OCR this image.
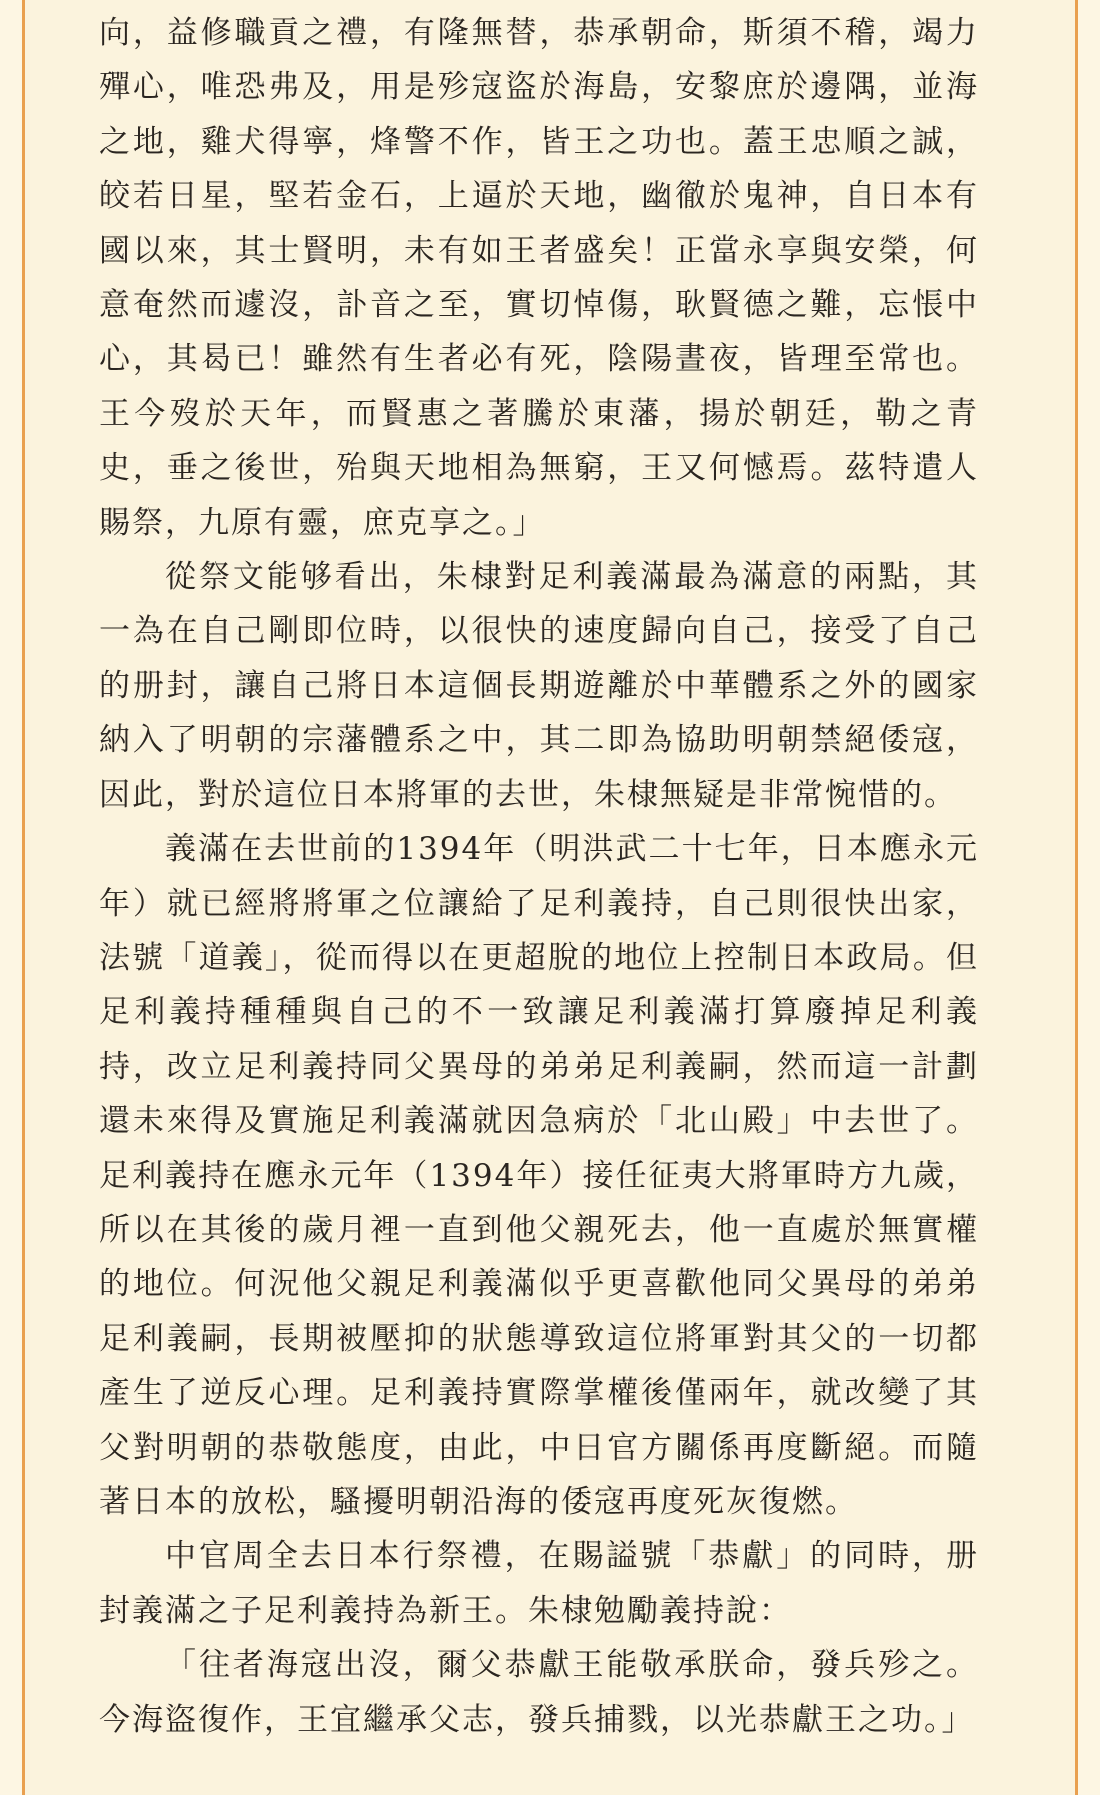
向，益修職貢之禮，有隆無替，恭承朝命，斯須不稽，竭力殫心，唯恐弗及，用是殄寇盜於海島，安黎庶於邊隅，並海之地，雞犬得寧，烽警不作，皆王之功也。蓋王忠順之誠，皎若日星，堅若金石，上逼於天地，幽徹於鬼神，自日本有國以來，其士賢明，未有如王者盛矣！正當永享與安榮，何意奄然而遽沒，訃音之至，實切悼傷，耿賢德之難，忘悵中心，其曷已！雖然有生者必有死，陰陽晝夜，皆理至常也。王今歿於天年，而賢惠之著騰於東藩，揚於朝廷，勒之青史，垂之後世，殆與天地相為無窮，王又何憾焉。茲特遣人賜祭，九原有靈，庶克享之。」

從祭文能够看出，朱棣對足利義滿最為滿意的兩點，其一為在自己剛即位時，以很快的速度歸向自己，接受了自己的册封，讓自己將日本這個長期遊離於中華體系之外的國家納入了明朝的宗藩體系之中，其二即為協助明朝禁絕倭寇，因此，對於這位日本將軍的去世，朱棣無疑是非常惋惜的。

義滿在去世前的1394年（明洪武二十七年，日本應永元年）就已經將將軍之位讓給了足利義持，自己則很快出家，法號「道義」，從而得以在更超脫的地位上控制日本政局。但足利義持種種與自己的不一致讓足利義滿打算廢掉足利義持，改立足利義持同父異母的弟弟足利義嗣，然而這一計劃還未來得及實施足利義滿就因急病於「北山殿」中去世了。足利義持在應永元年（1394年）接任征夷大將軍時方九歲，所以在其後的歲月裡一直到他父親死去，他一直處於無實權的地位。何況他父親足利義滿似乎更喜歡他同父異母的弟弟足利義嗣，長期被壓抑的狀態導致這位將軍對其父的一切都產生了逆反心理。足利義持實際掌權後僅兩年，就改變了其父對明朝的恭敬態度，由此，中日官方關係再度斷絕。而隨著日本的放松，騷擾明朝沿海的倭寇再度死灰復燃。

中官周全去日本行祭禮，在賜謚號「恭獻」的同時，册封義滿之子足利義持為新王。朱棣勉勵義持說：

「往者海寇出沒，爾父恭獻王能敬承朕命，發兵殄之。今海盜復作，王宜繼承父志，發兵捕戮，以光恭獻王之功。」
